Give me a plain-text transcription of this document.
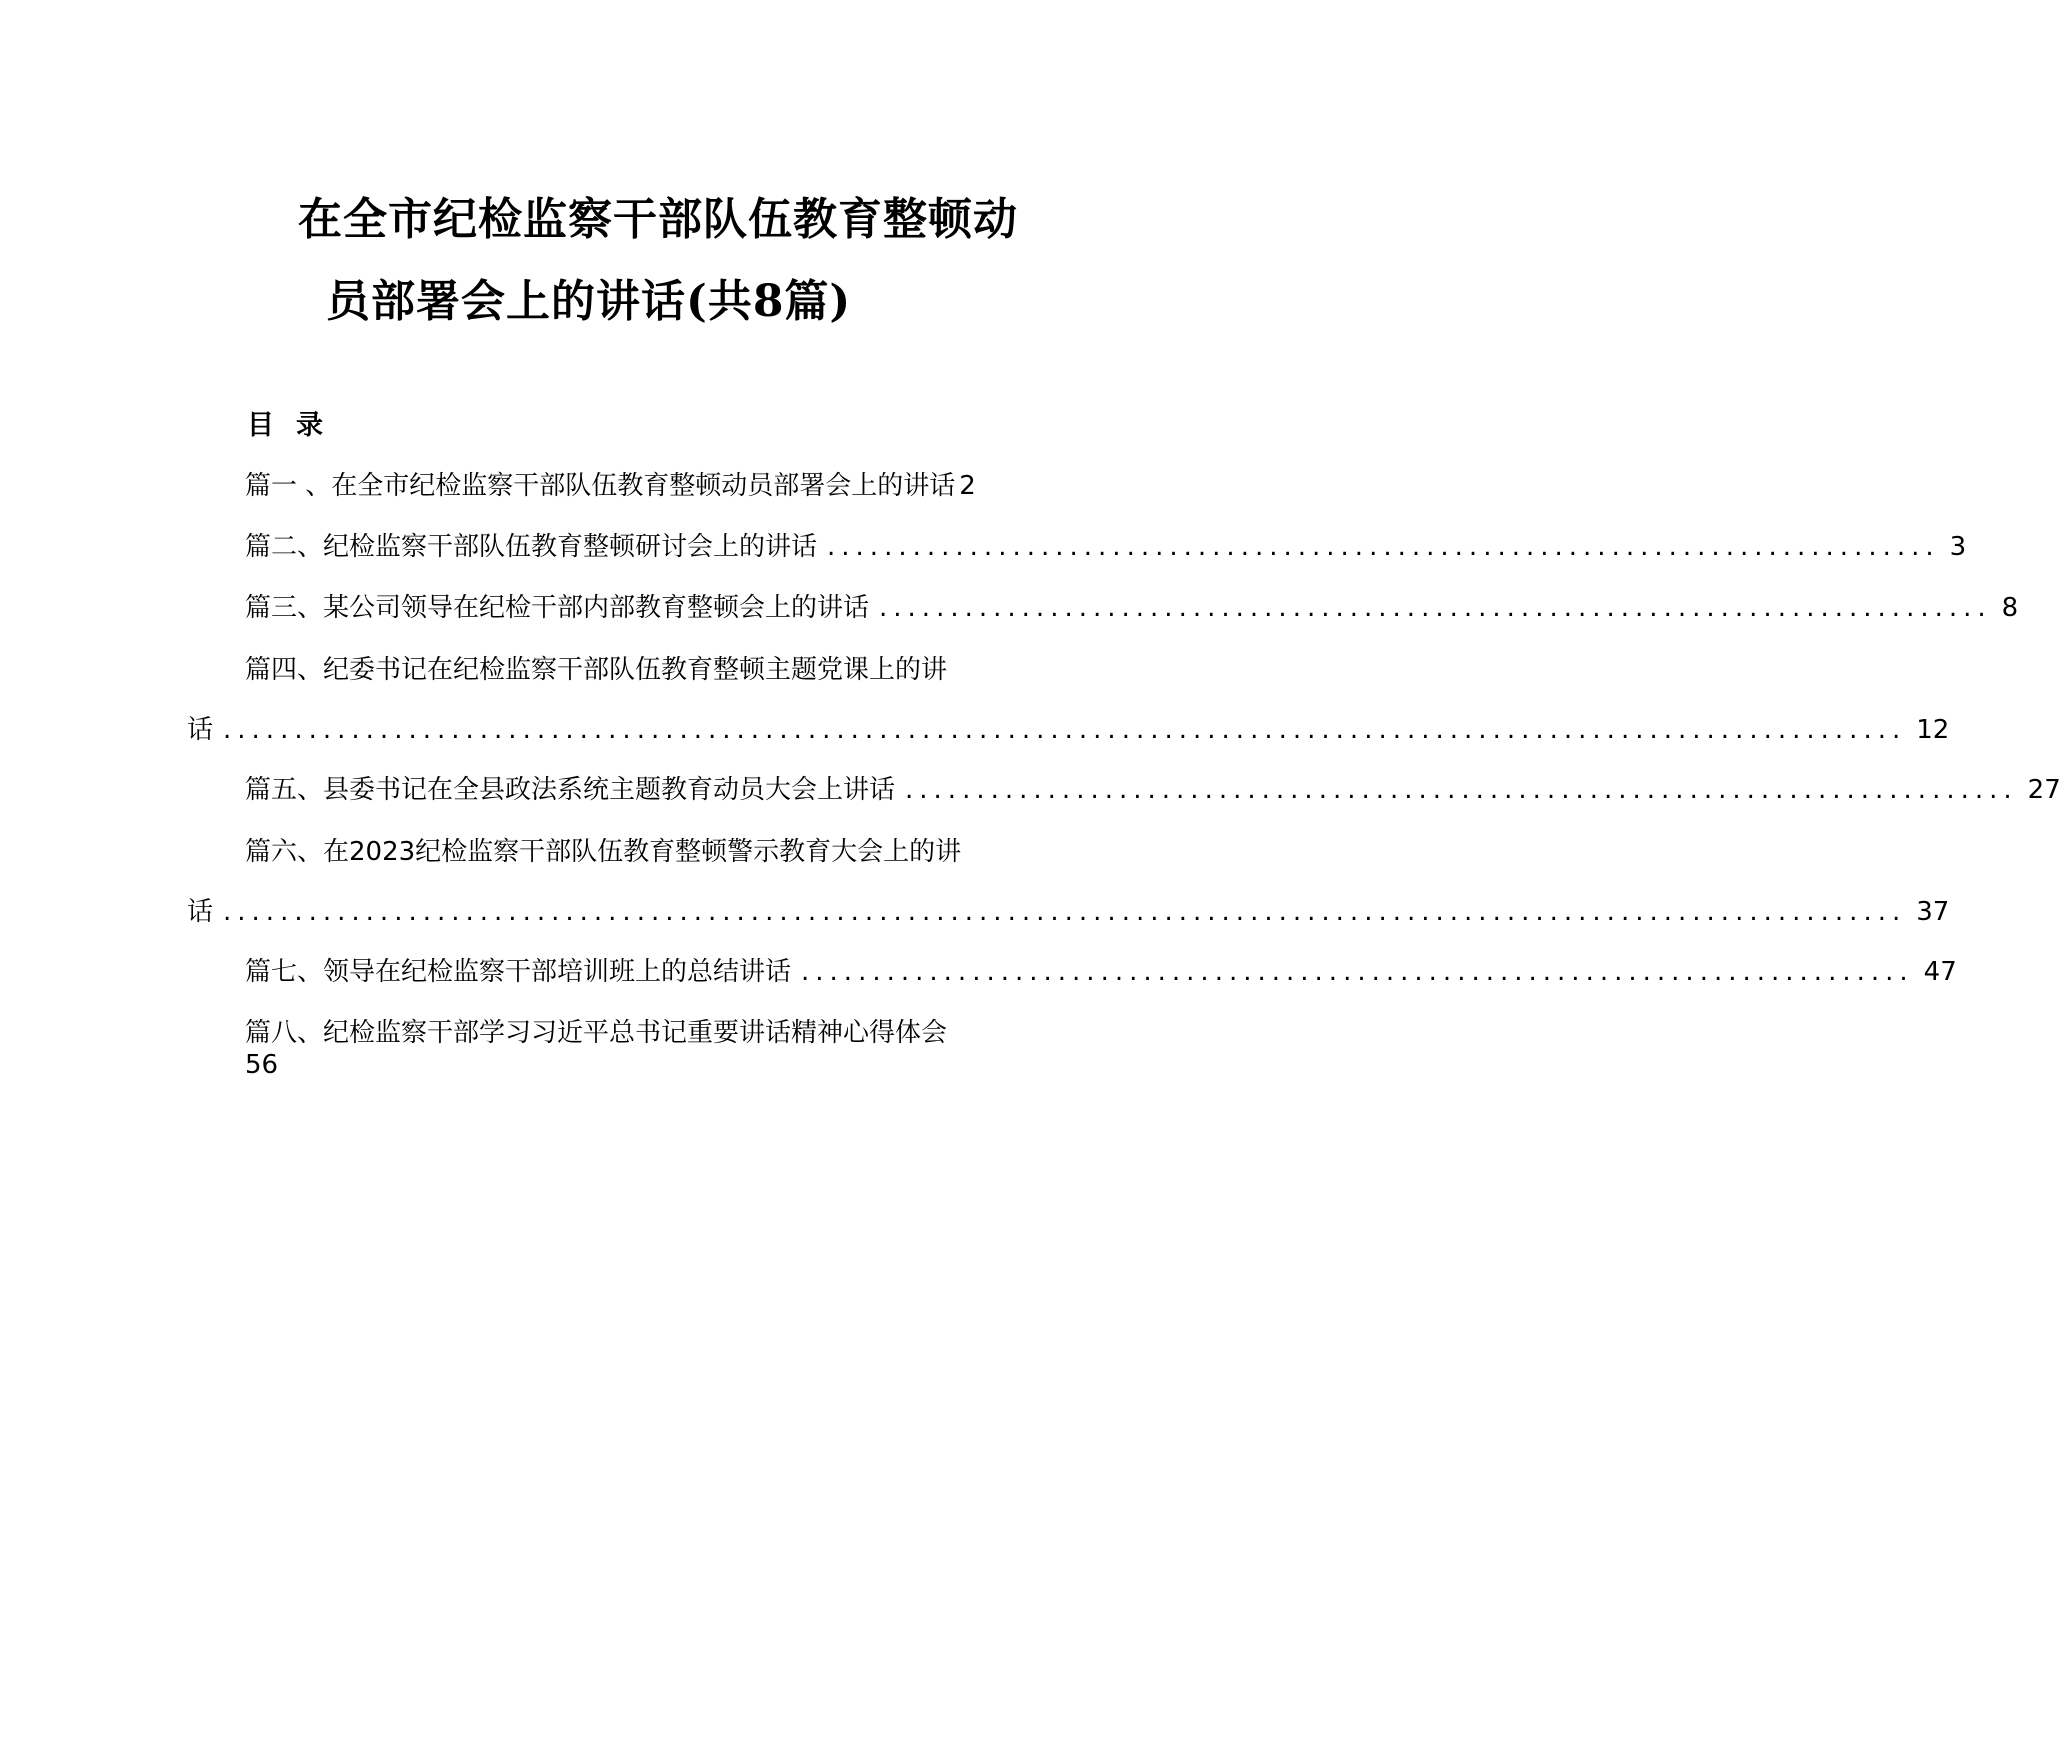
在全市纪检监察干部队伍教育整顿动
员部署会上的讲话(共8篇)
目录
篇一 、在全市纪检监察干部队伍教育整顿动员部署会上的讲话 2
篇二、纪检监察干部队伍教育整顿研讨会上的讲话 .............................................................................. 3
篇三、某公司领导在纪检干部内部教育整顿会上的讲话 .............................................................................. 8
篇四、纪委书记在纪检监察干部队伍教育整顿主题党课上的讲
话 ...................................................................................................................... 12
篇五、县委书记在全县政法系统主题教育动员大会上讲话 .............................................................................. 27
篇六、在2023纪检监察干部队伍教育整顿警示教育大会上的讲
话 ...................................................................................................................... 37
篇七、领导在纪检监察干部培训班上的总结讲话 .............................................................................. 47
篇八、纪检监察干部学习习近平总书记重要讲话精神心得体会
56
